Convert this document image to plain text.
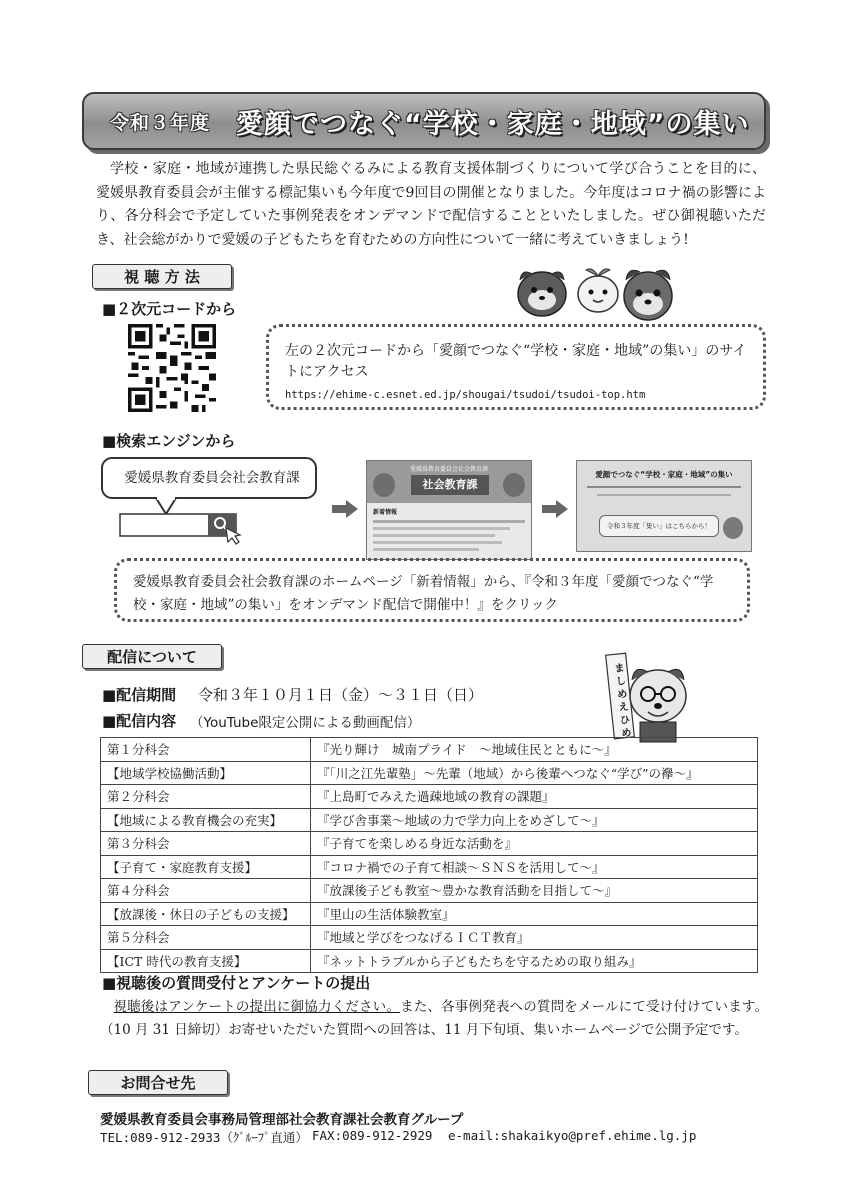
令和３年度 愛顔でつなぐ“学校・家庭・地域”の集い

学校・家庭・地域が連携した県民総ぐるみによる教育支援体制づくりについて学び合うことを目的に、愛媛県教育委員会が主催する標記集いも今年度で9回目の開催となりました。今年度はコロナ禍の影響により、各分科会で予定していた事例発表をオンデマンドで配信することといたしました。ぜひ御視聴いただき、社会総がかりで愛媛の子どもたちを育むための方向性について一緒に考えていきましょう!

視 聴 方 法
■２次元コードから
左の２次元コードから「愛顔でつなぐ“学校・家庭・地域”の集い」のサイトにアクセス
https://ehime-c.esnet.ed.jp/shougai/tsudoi/tsudoi-top.htm
■検索エンジンから
愛媛県教育委員会社会教育課
愛媛県教育委員会社会教育課
社会教育課
新着情報
愛顔でつなぐ“学校・家庭・地域”の集い
令和３年度「集い」はこちらから！
愛媛県教育委員会社会教育課のホームページ「新着情報」から、『令和３年度「愛顔でつなぐ“学校・家庭・地域”の集い」をオンデマンド配信で開催中！』をクリック
配信について
ましめえひめ
■配信期間 令和３年１０月１日（金）～３１日（日）
■配信内容 （YouTube限定公開による動画配信）
第１分科会	『光り輝け　城南プライド　～地域住民とともに～』
【地域学校協働活動】	『「川之江先輩塾」～先輩（地域）から後輩へつなぐ“学び”の襷～』
第２分科会	『上島町でみえた過疎地域の教育の課題』
【地域による教育機会の充実】	『学び舎事業～地域の力で学力向上をめざして～』
第３分科会	『子育てを楽しめる身近な活動を』
【子育て・家庭教育支援】	『コロナ禍での子育て相談～ＳＮＳを活用して～』
第４分科会	『放課後子ども教室～豊かな教育活動を目指して～』
【放課後・休日の子どもの支援】	『里山の生活体験教室』
第５分科会	『地域と学びをつなげるＩＣＴ教育』
【ICT 時代の教育支援】	『ネットトラブルから子どもたちを守るための取り組み』
■視聴後の質問受付とアンケートの提出

視聴後はアンケートの提出に御協力ください。また、各事例発表への質問をメールにて受け付けています。（10 月 31 日締切）お寄せいただいた質問への回答は、11 月下旬頃、集いホームページで公開予定です。

お問合せ先
愛媛県教育委員会事務局管理部社会教育課社会教育グループ
TEL:089-912-2933（ｸﾞﾙｰﾌﾟ直通） FAX:089-912-2929 e-mail:shakaikyo@pref.ehime.lg.jp
